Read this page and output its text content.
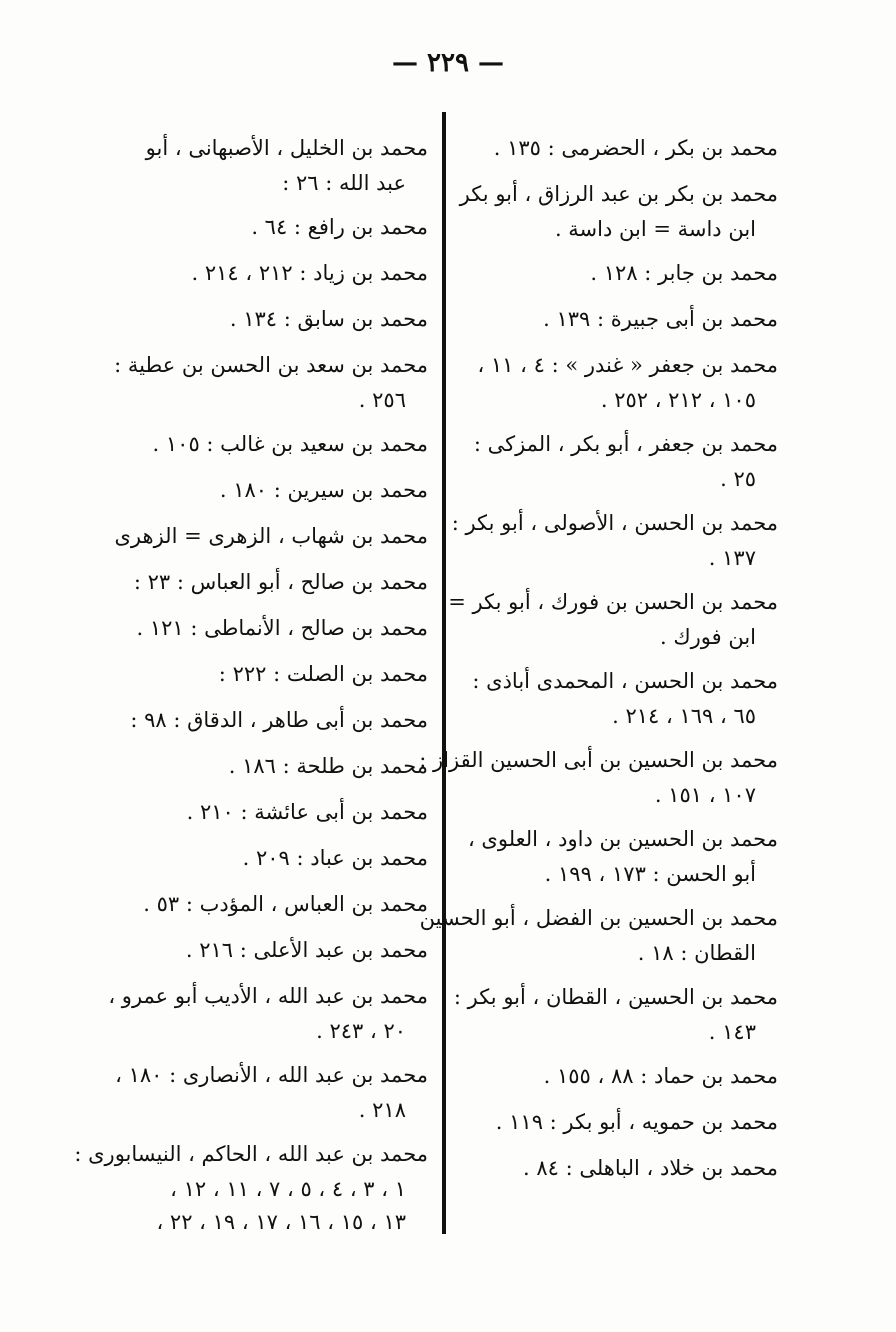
— ٢٢٩ —
محمد بن بكر ، الحضرمى : ١٣٥ .
محمد بن بكر بن عبد الرزاق ، أبو بكر
ابن داسة = ابن داسة .
محمد بن جابر : ١٢٨ .
محمد بن أبى جبيرة : ١٣٩ .
محمد بن جعفر « غندر » : ٤ ، ١١ ،
١٠٥ ، ٢١٢ ، ٢٥٢ .
محمد بن جعفر ، أبو بكر ، المزكى :
٢٥ .
محمد بن الحسن ، الأصولى ، أبو بكر :
١٣٧ .
محمد بن الحسن بن فورك ، أبو بكر =
ابن فورك .
محمد بن الحسن ، المحمدى أباذى :
٦٥ ، ١٦٩ ، ٢١٤ .
محمد بن الحسين بن أبى الحسين القزاز :
١٠٧ ، ١٥١ .
محمد بن الحسين بن داود ، العلوى ،
أبو الحسن : ١٧٣ ، ١٩٩ .
محمد بن الحسين بن الفضل ، أبو الحسين
القطان : ١٨ .
محمد بن الحسين ، القطان ، أبو بكر :
١٤٣ .
محمد بن حماد : ٨٨ ، ١٥٥ .
محمد بن حمويه ، أبو بكر : ١١٩ .
محمد بن خلاد ، الباهلى : ٨٤ .
محمد بن الخليل ، الأصبهانى ، أبو
عبد الله : ٢٦ :
محمد بن رافع : ٦٤ .
محمد بن زياد : ٢١٢ ، ٢١٤ .
محمد بن سابق : ١٣٤ .
محمد بن سعد بن الحسن بن عطية :
٢٥٦ .
محمد بن سعيد بن غالب : ١٠٥ .
محمد بن سيرين : ١٨٠ .
محمد بن شهاب ، الزهرى = الزهرى
محمد بن صالح ، أبو العباس : ٢٣ :
محمد بن صالح ، الأنماطى : ١٢١ .
محمد بن الصلت : ٢٢٢ :
محمد بن أبى طاهر ، الدقاق : ٩٨ :
محمد بن طلحة : ١٨٦ .
محمد بن أبى عائشة : ٢١٠ .
محمد بن عباد : ٢٠٩ .
محمد بن العباس ، المؤدب : ٥٣ .
محمد بن عبد الأعلى : ٢١٦ .
محمد بن عبد الله ، الأديب أبو عمرو ،
٢٠ ، ٢٤٣ .
محمد بن عبد الله ، الأنصارى : ١٨٠ ،
٢١٨ .
محمد بن عبد الله ، الحاكم ، النيسابورى :
١ ، ٣ ، ٤ ، ٥ ، ٧ ، ١١ ، ١٢ ،
١٣ ، ١٥ ، ١٦ ، ١٧ ، ١٩ ، ٢٢ ،
